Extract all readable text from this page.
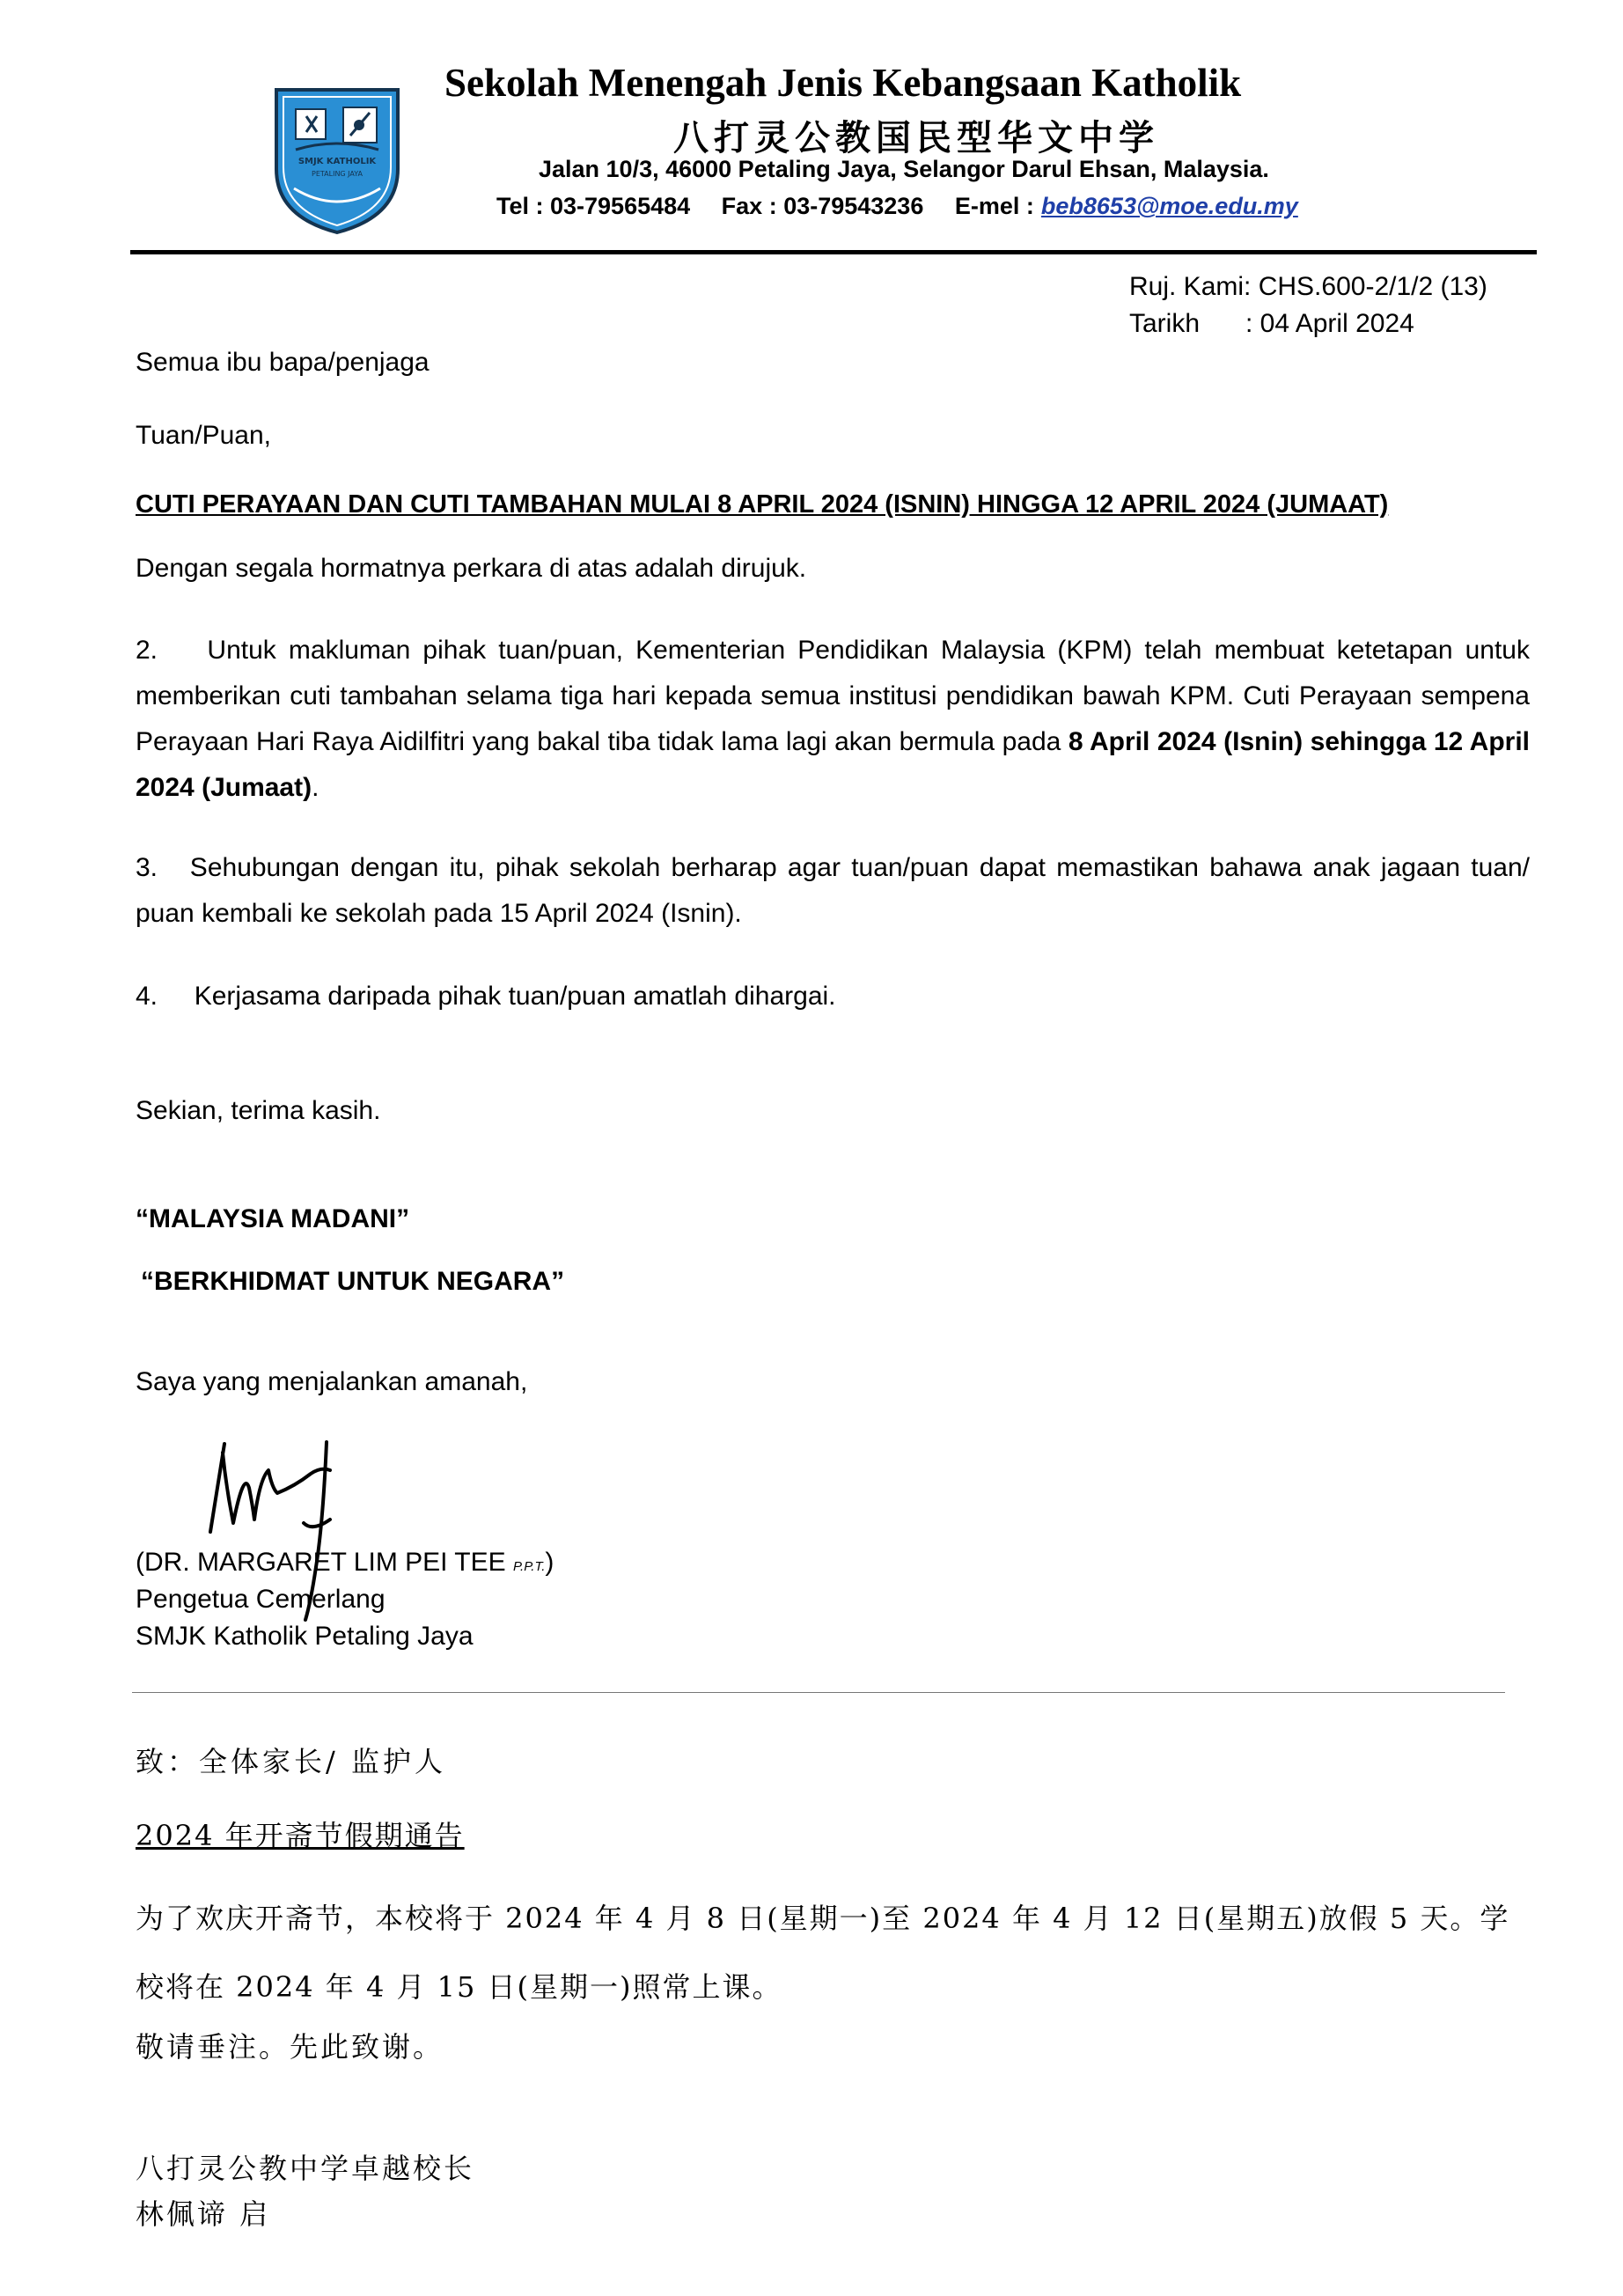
SMJK KATHOLIK
PETALING JAYA
Sekolah Menengah Jenis Kebangsaan Katholik
八打灵公教国民型华文中学
Jalan 10/3, 46000 Petaling Jaya, Selangor Darul Ehsan, Malaysia.
Tel : 03-79565484 Fax : 03-79543236 E-mel : beb8653@moe.edu.my
Ruj. Kami: CHS.600-2/1/2 (13)
Tarikh : 04 April 2024
Semua ibu bapa/penjaga
Tuan/Puan,
CUTI PERAYAAN DAN CUTI TAMBAHAN MULAI 8 APRIL 2024 (ISNIN) HINGGA 12 APRIL 2024 (JUMAAT)
Dengan segala hormatnya perkara di atas adalah dirujuk.
2.    Untuk makluman pihak tuan/puan, Kementerian Pendidikan Malaysia (KPM) telah membuat ketetapan untuk memberikan cuti tambahan selama tiga hari kepada semua institusi pendidikan bawah KPM. Cuti Perayaan sempena Perayaan Hari Raya Aidilfitri yang bakal tiba tidak lama lagi akan bermula pada 8 April 2024 (Isnin) sehingga 12 April 2024 (Jumaat).
3.   Sehubungan dengan itu, pihak sekolah berharap agar tuan/puan dapat memastikan bahawa anak jagaan tuan/ puan kembali ke sekolah pada 15 April 2024 (Isnin).
4.     Kerjasama daripada pihak tuan/puan amatlah dihargai.
Sekian, terima kasih.
“MALAYSIA MADANI”
“BERKHIDMAT UNTUK NEGARA”
Saya yang menjalankan amanah,
(DR. MARGARET LIM PEI TEE P.P.T.)
Pengetua Cemerlang
SMJK Katholik Petaling Jaya
致：全体家长/ 监护人
2024 年开斋节假期通告
为了欢庆开斋节，本校将于 2024 年 4 月 8 日(星期一)至 2024 年 4 月 12 日(星期五)放假 5 天。学校将在 2024 年 4 月 15 日(星期一)照常上课。
敬请垂注。先此致谢。
八打灵公教中学卓越校长
林佩谛 启
